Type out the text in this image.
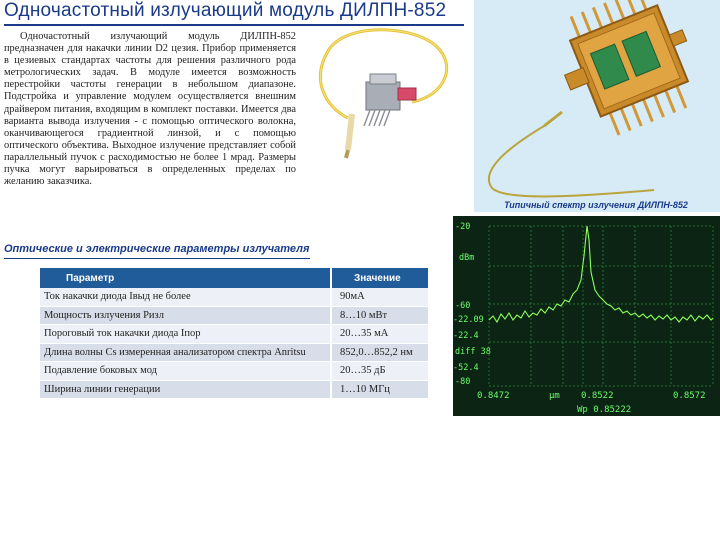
Одночастотный излучающий модуль ДИЛПН-852

Одночастотный излучающий модуль ДИЛПН-852 предназначен для накачки линии D2 цезия. Прибор применяется в цезиевых стандартах частоты для решения различного рода метрологических задач. В модуле имеется возможность перестройки частоты генерации в небольшом диапазоне. Подстройка и управление модулем осуществляется внешним драйвером питания, входящим в комплект поставки. Имеется два варианта вывода излучения - с помощью оптического волокна, оканчивающегося градиентной линзой, и с помощью оптического объектива. Выходное излучение представляет собой параллельный пучок с расходимостью не более 1 мрад. Размеры пучка могут варьироваться в определенных пределах по желанию заказчика.

Типичный спектр излучения ДИЛПН-852
Оптические и электрические параметры излучателя
Параметр	Значение
Ток накачки диода Iвыд не более	90мА
Мощность излучения Ризл	8…10 мВт
Пороговый ток накачки диода Iпор	20…35 мА
Длина волны Cs измеренная анализатором спектра Anritsu	852,0…852,2 нм
Подавление боковых мод	20…35 дБ
Ширина линии генерации	1…10 МГц
-20
dBm
-60
-22.09
-22.4
diff 38
-52.4
-80
0.8472	μm 0.8522	0.8572
Wp 0.85222
